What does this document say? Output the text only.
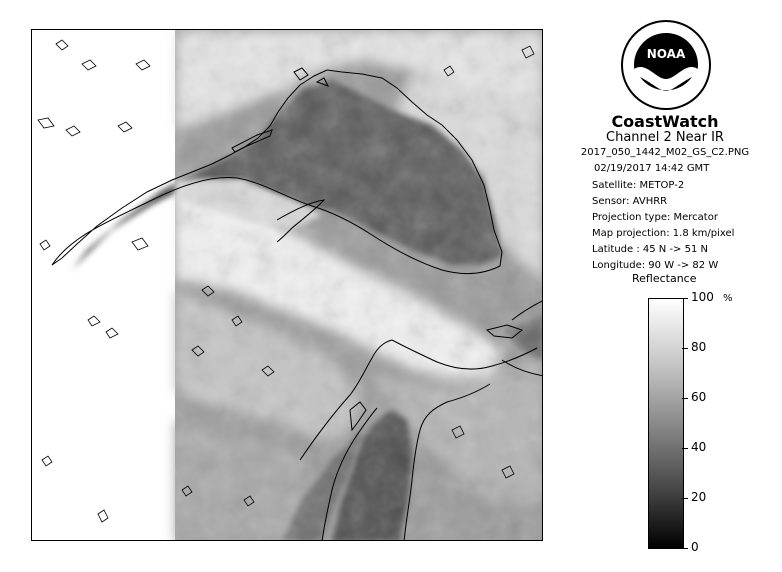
NOAA
CoastWatch
Channel 2 Near IR
2017_050_1442_M02_GS_C2.PNG
02/19/2017 14:42 GMT
Satellite: METOP-2
Sensor: AVHRR
Projection type: Mercator
Map projection: 1.8 km/pixel
Latitude : 45 N -> 51 N
Longitude: 90 W -> 82 W
Reflectance
%
100
80
60
40
20
0
